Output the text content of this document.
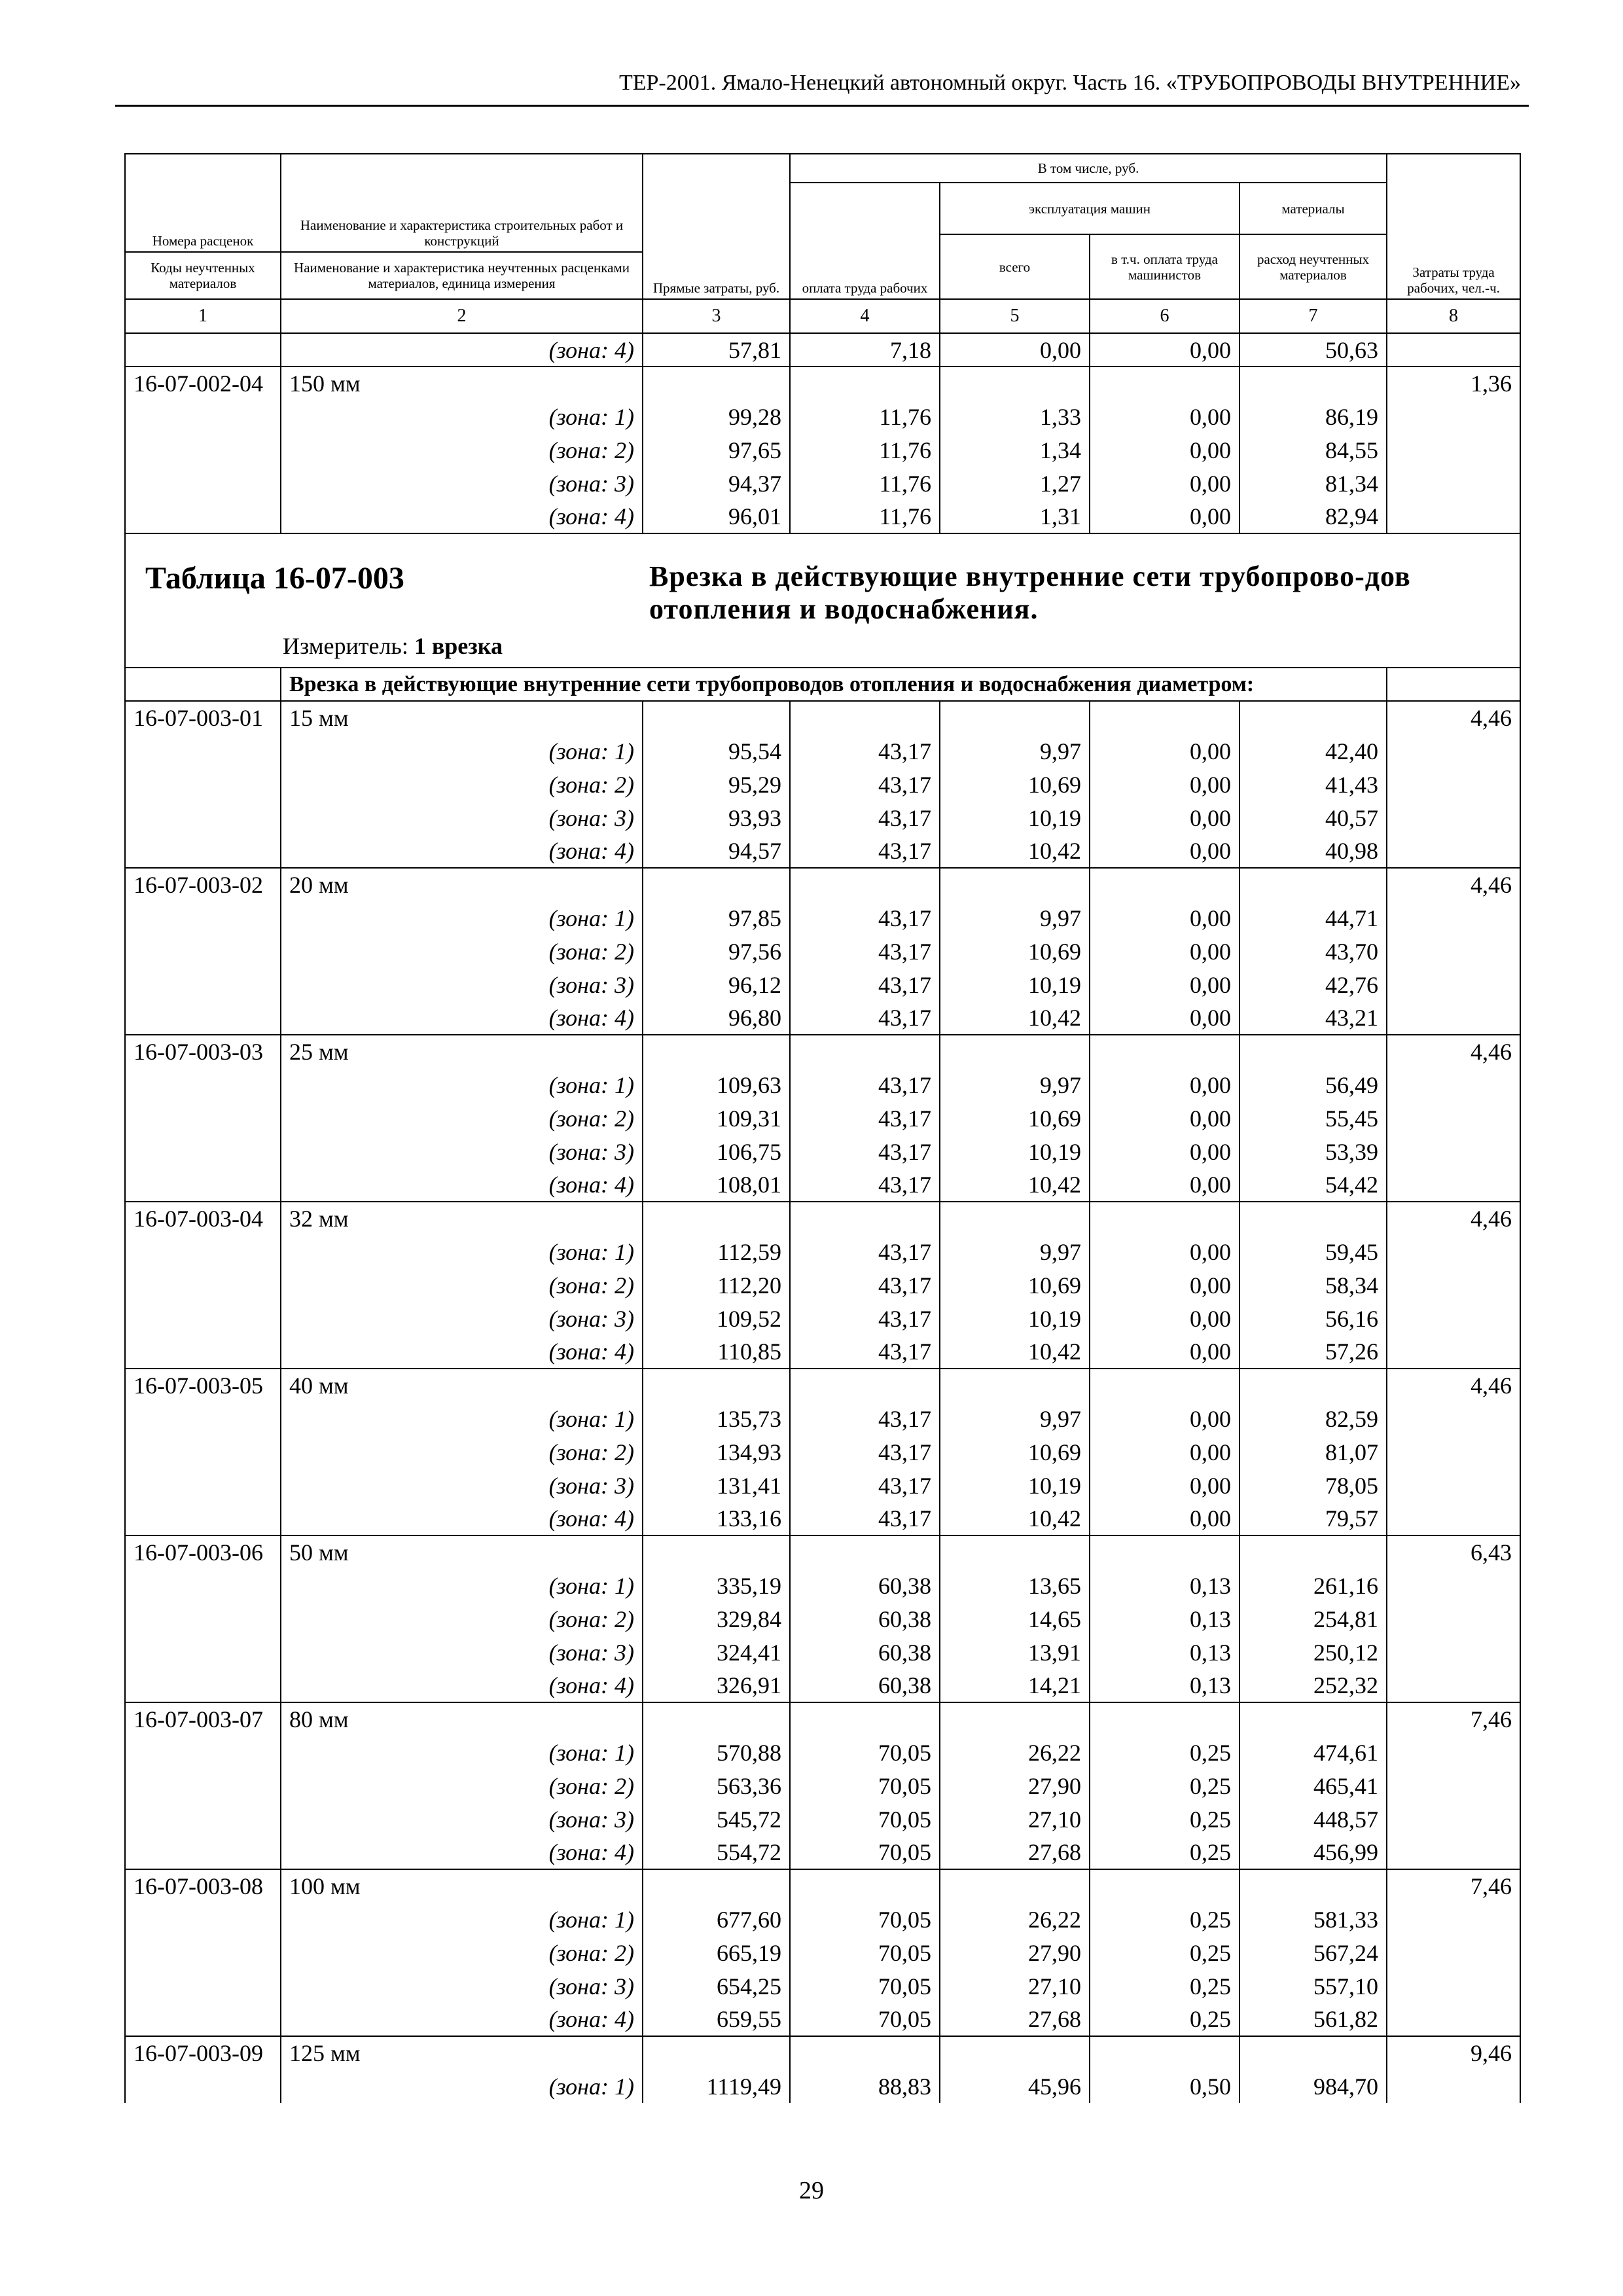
ТЕР-2001. Ямало-Ненецкий автономный округ. Часть 16. «ТРУБОПРОВОДЫ ВНУТРЕННИЕ»
Номера расценок	Наименование и характеристика строительных работ и конструкций	Прямые затраты, руб.	В том числе, руб.				Затраты труда рабочих, чел.-ч.
			оплата труда рабочих	эксплуатация машин		материалы	
				всего	в т.ч. оплата труда машинистов	расход неучтенных материалов	
Коды неучтенных материалов	Наименование и характеристика неучтенных расценками материалов, единица измерения						
1	2	3	4	5	6	7	8
	(зона: 4)	57,81	7,18	0,00	0,00	50,63	
16-07-002-04	150 мм						1,36
	(зона: 1)	99,28	11,76	1,33	0,00	86,19	
	(зона: 2)	97,65	11,76	1,34	0,00	84,55	
	(зона: 3)	94,37	11,76	1,27	0,00	81,34	
	(зона: 4)	96,01	11,76	1,31	0,00	82,94	

Таблица 16-07-003 Врезка в действующие внутренние сети трубопрово-дов отопления и водоснабжения.
Измеритель: 1 врезка							

	Врезка в действующие внутренние сети трубопроводов отопления и водоснабжения диаметром:						
16-07-003-01	15 мм						4,46
	(зона: 1)	95,54	43,17	9,97	0,00	42,40	
	(зона: 2)	95,29	43,17	10,69	0,00	41,43	
	(зона: 3)	93,93	43,17	10,19	0,00	40,57	
	(зона: 4)	94,57	43,17	10,42	0,00	40,98	
16-07-003-02	20 мм						4,46
	(зона: 1)	97,85	43,17	9,97	0,00	44,71	
	(зона: 2)	97,56	43,17	10,69	0,00	43,70	
	(зона: 3)	96,12	43,17	10,19	0,00	42,76	
	(зона: 4)	96,80	43,17	10,42	0,00	43,21	
16-07-003-03	25 мм						4,46
	(зона: 1)	109,63	43,17	9,97	0,00	56,49	
	(зона: 2)	109,31	43,17	10,69	0,00	55,45	
	(зона: 3)	106,75	43,17	10,19	0,00	53,39	
	(зона: 4)	108,01	43,17	10,42	0,00	54,42	
16-07-003-04	32 мм						4,46
	(зона: 1)	112,59	43,17	9,97	0,00	59,45	
	(зона: 2)	112,20	43,17	10,69	0,00	58,34	
	(зона: 3)	109,52	43,17	10,19	0,00	56,16	
	(зона: 4)	110,85	43,17	10,42	0,00	57,26	
16-07-003-05	40 мм						4,46
	(зона: 1)	135,73	43,17	9,97	0,00	82,59	
	(зона: 2)	134,93	43,17	10,69	0,00	81,07	
	(зона: 3)	131,41	43,17	10,19	0,00	78,05	
	(зона: 4)	133,16	43,17	10,42	0,00	79,57	
16-07-003-06	50 мм						6,43
	(зона: 1)	335,19	60,38	13,65	0,13	261,16	
	(зона: 2)	329,84	60,38	14,65	0,13	254,81	
	(зона: 3)	324,41	60,38	13,91	0,13	250,12	
	(зона: 4)	326,91	60,38	14,21	0,13	252,32	
16-07-003-07	80 мм						7,46
	(зона: 1)	570,88	70,05	26,22	0,25	474,61	
	(зона: 2)	563,36	70,05	27,90	0,25	465,41	
	(зона: 3)	545,72	70,05	27,10	0,25	448,57	
	(зона: 4)	554,72	70,05	27,68	0,25	456,99	
16-07-003-08	100 мм						7,46
	(зона: 1)	677,60	70,05	26,22	0,25	581,33	
	(зона: 2)	665,19	70,05	27,90	0,25	567,24	
	(зона: 3)	654,25	70,05	27,10	0,25	557,10	
	(зона: 4)	659,55	70,05	27,68	0,25	561,82	
16-07-003-09	125 мм						9,46
	(зона: 1)	1119,49	88,83	45,96	0,50	984,70	
29
